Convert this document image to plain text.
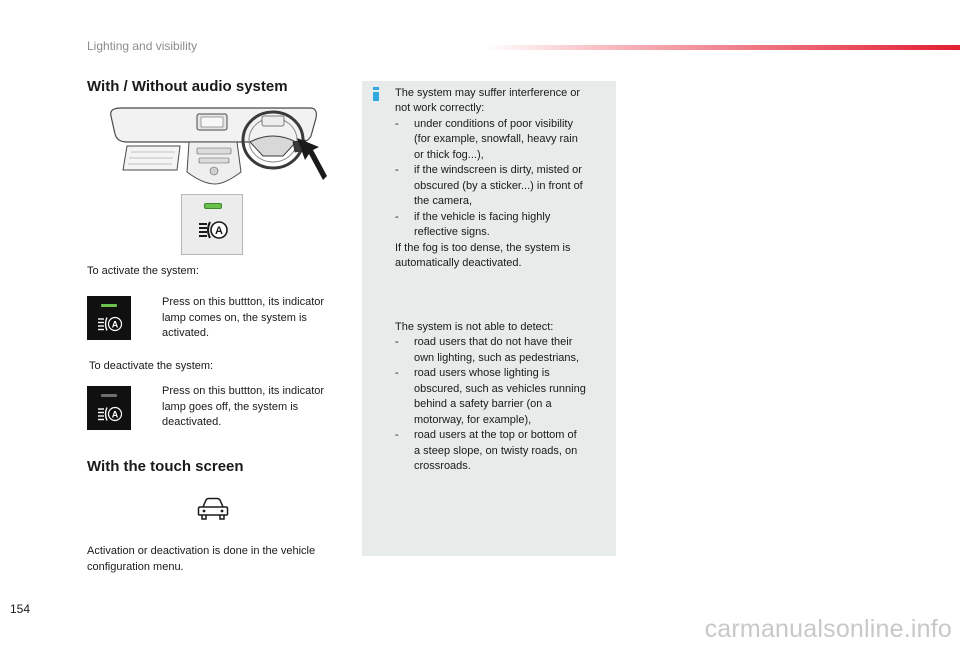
Lighting and visibility
With / Without audio system
A
To activate the system:
A
Press on this buttton, its indicator lamp comes on, the system is activated.
To deactivate the system:
A
Press on this buttton, its indicator lamp goes off, the system is deactivated.
With the touch screen
Activation or deactivation is done in the vehicle configuration menu.
The system may suffer interference or
not work correctly:
- under conditions of poor visibility
(for example, snowfall, heavy rain
or thick fog...),
- if the windscreen is dirty, misted or
obscured (by a sticker...) in front of
the camera,
- if the vehicle is facing highly
reflective signs.
If the fog is too dense, the system is
automatically deactivated.
The system is not able to detect:
- road users that do not have their
own lighting, such as pedestrians,
- road users whose lighting is
obscured, such as vehicles running
behind a safety barrier (on a
motorway, for example),
- road users at the top or bottom of
a steep slope, on twisty roads, on
crossroads.
154
carmanualsonline.info
